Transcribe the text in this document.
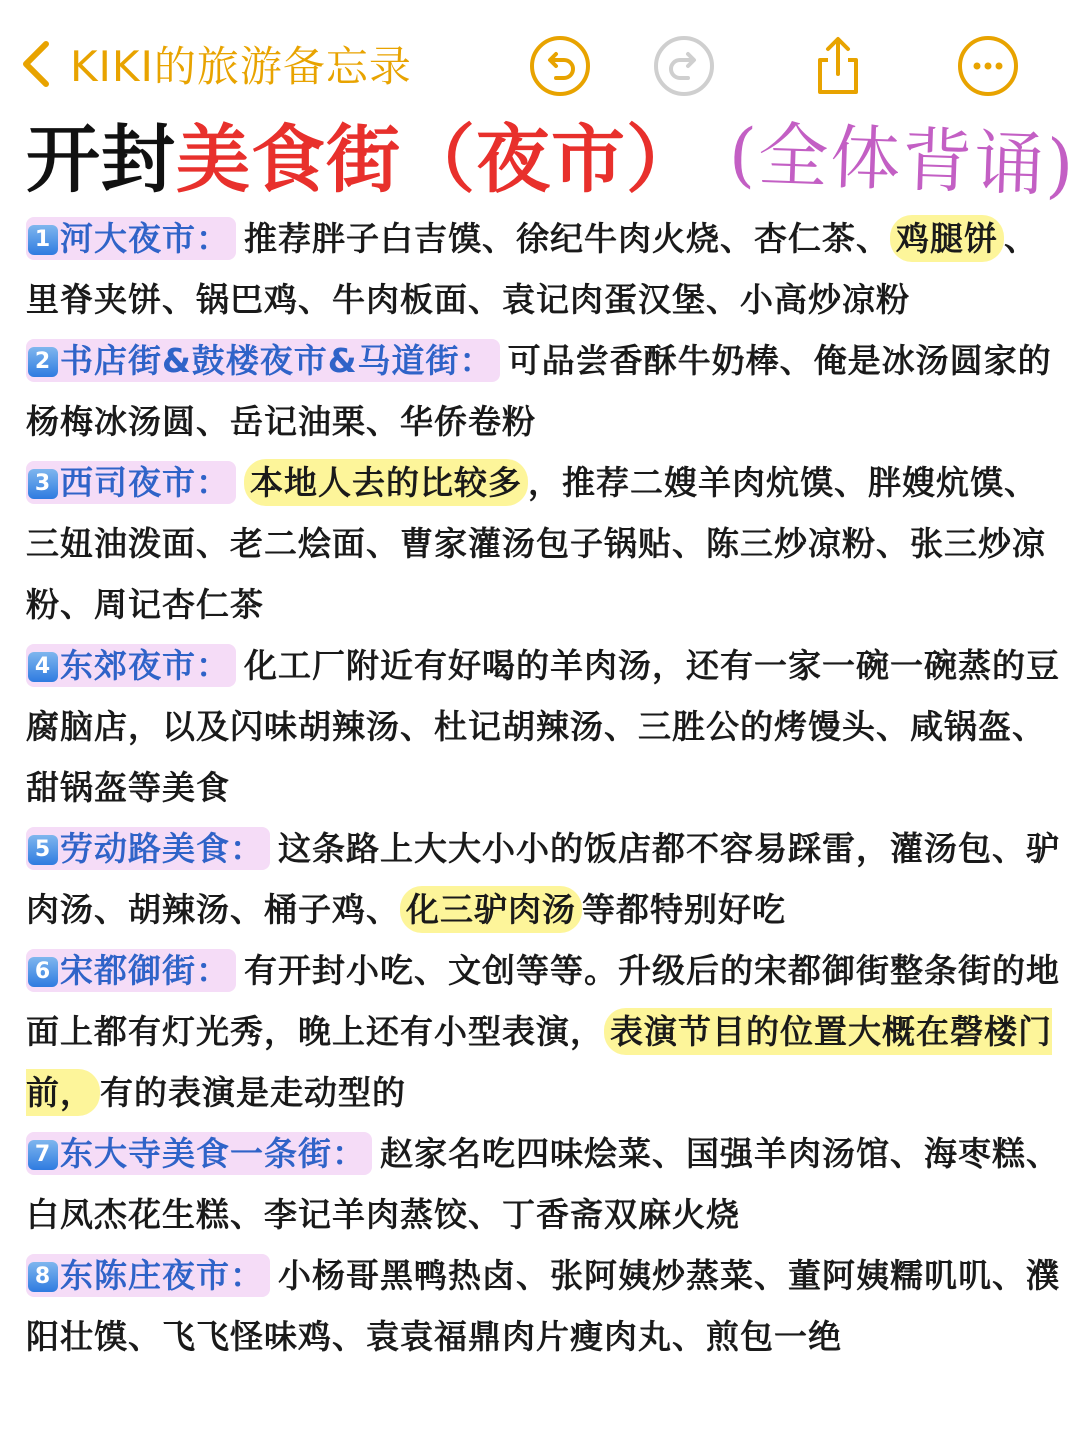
KIKI的旅游备忘录
开封 美食街（夜市） (全体背诵)

1 河大夜市： 推荐胖子白吉馍、徐纪牛肉火烧、杏仁茶、 鸡腿饼 、里脊夹饼、锅巴鸡、牛肉板面、袁记肉蛋汉堡、小高炒凉粉

2 书店街&鼓楼夜市&马道街： 可品尝香酥牛奶棒、俺是冰汤圆家的杨梅冰汤圆、岳记油栗、华侨卷粉

3 西司夜市： 本地人去的比较多 ，推荐二嫂羊肉炕馍、胖嫂炕馍、三妞油泼面、老二烩面、曹家灌汤包子锅贴、陈三炒凉粉、张三炒凉粉、周记杏仁茶

4 东郊夜市： 化工厂附近有好喝的羊肉汤，还有一家一碗一碗蒸的豆腐脑店，以及闪味胡辣汤、杜记胡辣汤、三胜公的烤馒头、咸锅盔、甜锅盔等美食

5 劳动路美食： 这条路上大大小小的饭店都不容易踩雷，灌汤包、驴肉汤、胡辣汤、桶子鸡、 化三驴肉汤 等都特别好吃

6 宋都御街： 有开封小吃、文创等等。升级后的宋都御街整条街的地面上都有灯光秀，晚上还有小型表演， 表演节目的位置大概在磬楼门前， 有的表演是走动型的

7 东大寺美食一条街： 赵家名吃四味烩菜、国强羊肉汤馆、海枣糕、白凤杰花生糕、李记羊肉蒸饺、丁香斋双麻火烧

8 东陈庄夜市： 小杨哥黑鸭热卤、张阿姨炒蒸菜、董阿姨糯叽叽、濮阳壮馍、飞飞怪味鸡、袁袁福鼎肉片瘦肉丸、煎包一绝
